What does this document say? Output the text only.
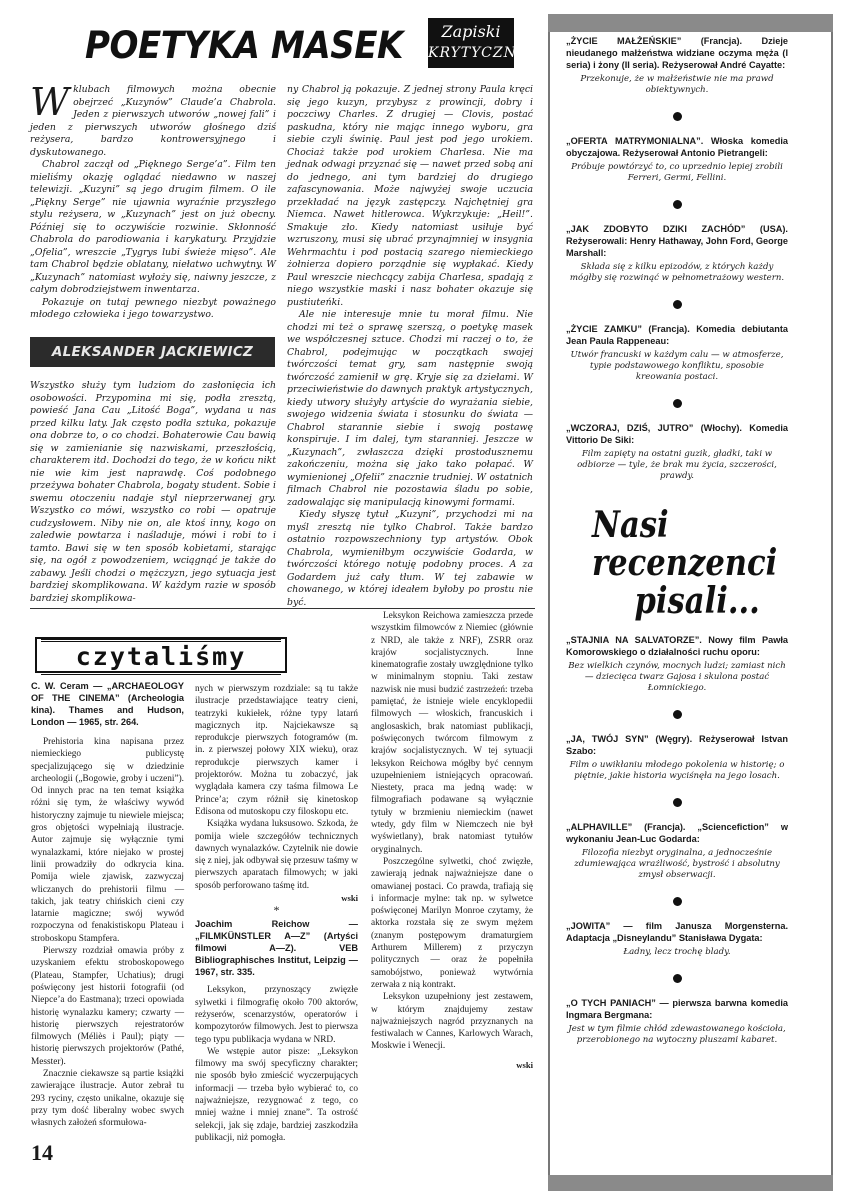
POETYKA MASEK	Zapiski
KRYTYCZNE

Wklubach filmowych można obecnie obejrzeć „Kuzynów” Claude’a Chabrola. Jeden z pierwszych utworów „nowej fali” i jeden z pierwszych utworów głośnego dziś reżysera, bardzo kontrowersyjnego i dyskutowanego.

Chabrol zaczął od „Pięknego Serge’a”. Film ten mieliśmy okazję oglądać niedawno w naszej telewizji. „Kuzyni” są jego drugim filmem. O ile „Piękny Serge” nie ujawnia wyraźnie przyszłego stylu reżysera, w „Kuzynach” jest on już obecny. Później się to oczywiście rozwinie. Skłonność Chabrola do parodiowania i karykatury. Przyjdzie „Ofelia”, wreszcie „Tygrys lubi świeże mięso”. Ale tam Chabrol będzie oblatany, niełatwo uchwytny. W „Kuzynach” natomiast wyłoży się, naiwny jeszcze, z całym dobrodziejstwem inwentarza.

Pokazuje on tutaj pewnego niezbyt poważnego młodego człowieka i jego towarzystwo.

ALEKSANDER JACKIEWICZ

Wszystko służy tym ludziom do zasłonięcia ich osobowości. Przypomina mi się, podła zresztą, powieść Jana Cau „Litość Boga”, wydana u nas przed kilku laty. Jak często podła sztuka, pokazuje ona dobrze to, o co chodzi. Bohaterowie Cau bawią się w zamienianie się nazwiskami, przeszłością, charakterem itd. Dochodzi do tego, że w końcu nikt nie wie kim jest naprawdę. Coś podobnego przeżywa bohater Chabrola, bogaty student. Sobie i swemu otoczeniu nadaje styl nieprzerwanej gry. Wszystko co mówi, wszystko co robi — opatruje cudzysłowem. Niby nie on, ale ktoś inny, kogo on zaledwie powtarza i naśladuje, mówi i robi to i tamto. Bawi się w ten sposób kobietami, starając się, na ogół z powodzeniem, wciągnąć je także do zabawy. Jeśli chodzi o mężczyzn, jego sytuacja jest bardziej skomplikowana. W każdym razie w sposób bardziej skomplikowa-

ny Chabrol ją pokazuje. Z jednej strony Paula kręci się jego kuzyn, przybysz z prowincji, dobry i poczciwy Charles. Z drugiej — Clovis, postać paskudna, który nie mając innego wyboru, gra siebie czyli świnię. Paul jest pod jego urokiem. Chociaż także pod urokiem Charlesa. Nie ma jednak odwagi przyznać się — nawet przed sobą ani do jednego, ani tym bardziej do drugiego zafascynowania. Może najwyżej swoje uczucia przekładać na język zastępczy. Najchętniej gra Niemca. Nawet hitlerowca. Wykrzykuje: „Heil!”. Smakuje zło. Kiedy natomiast usiłuje być wzruszony, musi się ubrać przynajmniej w insygnia Wehrmachtu i pod postacią szarego niemieckiego żołnierza dopiero porządnie się wypłakać. Kiedy Paul wreszcie niechcący zabija Charlesa, spadają z niego wszystkie maski i nasz bohater okazuje się pustiuteńki.

Ale nie interesuje mnie tu morał filmu. Nie chodzi mi też o sprawę szerszą, o poetykę masek we współczesnej sztuce. Chodzi mi raczej o to, że Chabrol, podejmując w początkach swojej twórczości temat gry, sam następnie swoją twórczość zamienił w grę. Kryje się za dziełami. W przeciwieństwie do dawnych praktyk artystycznych, kiedy utwory służyły artyście do wyrażania siebie, swojego widzenia świata i stosunku do świata — Chabrol starannie siebie i swoją postawę konspiruje. I im dalej, tym staranniej. Jeszcze w „Kuzynach”, zwłaszcza dzięki prostodusznemu zakończeniu, można się jako tako połapać. W wymienionej „Ofelii” znacznie trudniej. W ostatnich filmach Chabrol nie pozostawia śladu po sobie, zadowalając się manipulacją kinowymi formami.

Kiedy słyszę tytuł „Kuzyni”, przychodzi mi na myśl zresztą nie tylko Chabrol. Także bardzo ostatnio rozpowszechniony typ artystów. Obok Chabrola, wymieniłbym oczywiście Godarda, w twórczości którego notuję podobny proces. A za Godardem już cały tłum. W tej zabawie w chowanego, w której ideałem byłoby po prostu nie być.

czytaliśmy
C. W. Ceram — „ARCHAEOLOGY OF THE CINEMA” (Archeologia kina). Thames and Hudson, London — 1965, str. 264.

Prehistoria kina napisana przez niemieckiego publicystę specjalizującego się w dziedzinie archeologii („Bogowie, groby i uczeni”). Od innych prac na ten temat książka różni się tym, że właściwy wywód historyczny zajmuje tu niewiele miejsca; gros objętości wypełniają ilustracje. Autor zajmuje się wyłącznie tymi wynalazkami, które niejako w prostej linii prowadziły do odkrycia kina. Pomija wiele zjawisk, zazwyczaj wliczanych do prehistorii filmu — takich, jak teatry chińskich cieni czy latarnie magiczne; swój wywód rozpoczyna od fenakistiskopu Plateau i stroboskopu Stampfera.

Pierwszy rozdział omawia próby z uzyskaniem efektu stroboskopowego (Plateau, Stampfer, Uchatius); drugi poświęcony jest historii fotografii (od Niepce’a do Eastmana); trzeci opowiada historię wynalazku kamery; czwarty — historię pierwszych rejestratorów filmowych (Méliès i Paul); piąty — historię pierwszych projektorów (Pathé, Messter).

Znacznie ciekawsze są partie książki zawierające ilustracje. Autor zebrał tu 293 ryciny, często unikalne, okazuje się przy tym dość liberalny wobec swych własnych założeń sformułowa-

nych w pierwszym rozdziale: są tu także ilustracje przedstawiające teatry cieni, teatrzyki kukiełek, różne typy latarń magicznych itp. Najciekawsze są reprodukcje pierwszych fotogramów (m. in. z pierwszej połowy XIX wieku), oraz reprodukcje pierwszych kamer i projektorów. Można tu zobaczyć, jak wyglądała kamera czy taśma filmowa Le Prince’a; czym różnił się kinetoskop Edisona od mutoskopu czy filoskopu etc.

Książka wydana luksusowo. Szkoda, że pomija wiele szczegółów technicznych dawnych wynalazków. Czytelnik nie dowie się z niej, jak odbywał się przesuw taśmy w pierwszych aparatach filmowych; w jaki sposób perforowano taśmę itd.

wski
*
Joachim Reichow — „FILMKÜNSTLER A—Z” (Artyści filmowi A—Z). VEB Bibliographisches Institut, Leipzig — 1967, str. 335.

Leksykon, przynoszący zwięzłe sylwetki i filmografię około 700 aktorów, reżyserów, scenarzystów, operatorów i kompozytorów filmowych. Jest to pierwsza tego typu publikacja wydana w NRD.

We wstępie autor pisze: „Leksykon filmowy ma swój specyficzny charakter; nie sposób było zmieścić wyczerpujących informacji — trzeba było wybierać to, co najważniejsze, rezygnować z tego, co mniej ważne i mniej znane”. Ta ostrość selekcji, jak się zdaje, bardziej zaszkodziła publikacji, niż pomogła.

Leksykon Reichowa zamieszcza przede wszystkim filmowców z Niemiec (głównie z NRD, ale także z NRF), ZSRR oraz krajów socjalistycznych. Inne kinematografie zostały uwzględnione tylko w minimalnym stopniu. Taki zestaw nazwisk nie musi budzić zastrzeżeń: trzeba pamiętać, że istnieje wiele encyklopedii filmowych — włoskich, francuskich i anglosaskich, brak natomiast publikacji, poświęconych twórcom filmowym z krajów socjalistycznych. W tej sytuacji leksykon Reichowa mógłby być cennym uzupełnieniem istniejących opracowań. Niestety, praca ma jedną wadę: w filmografiach podawane są wyłącznie tytuły w brzmieniu niemieckim (nawet wtedy, gdy film w Niemczech nie był wyświetlany), brak natomiast tytułów oryginalnych.

Poszczególne sylwetki, choć zwięzłe, zawierają jednak najważniejsze dane o omawianej postaci. Co prawda, trafiają się i informacje mylne: tak np. w sylwetce poświęconej Marilyn Monroe czytamy, że aktorka rozstała się ze swym mężem (znanym postępowym dramaturgiem Arthurem Millerem) z przyczyn politycznych — oraz że popełniła samobójstwo, ponieważ wytwórnia zerwała z nią kontrakt.

Leksykon uzupełniony jest zestawem, w którym znajdujemy zestaw najważniejszych nagród przyznanych na festiwalach w Cannes, Karlowych Warach, Moskwie i Wenecji.

wski
14
„ŻYCIE MAŁŻEŃSKIE” (Francja). Dzieje nieudanego małżeństwa widziane oczyma męża (I seria) i żony (II seria). Reżyserował André Cayatte:
Przekonuje, że w małżeństwie nie ma prawd obiektywnych.
„OFERTA MATRYMONIALNA”. Włoska komedia obyczajowa. Reżyserował Antonio Pietrangeli:
Próbuje powtórzyć to, co uprzednio lepiej zrobili Ferreri, Germi, Fellini.
„JAK ZDOBYTO DZIKI ZACHÓD” (USA). Reżyserowali: Henry Hathaway, John Ford, George Marshall:
Składa się z kilku epizodów, z których każdy mógłby się rozwinąć w pełnometrażowy western.
„ŻYCIE ZAMKU” (Francja). Komedia debiutanta Jean Paula Rappeneau:
Utwór francuski w każdym calu — w atmosferze, typie podstawowego konfliktu, sposobie kreowania postaci.
„WCZORAJ, DZIŚ, JUTRO” (Włochy). Komedia Vittorio De Siki:
Film zapięty na ostatni guzik, gładki, taki w odbiorze — tyle, że brak mu życia, szczerości, prawdy.
Nasi
recenzenci
pisali...
„STAJNIA NA SALVATORZE”. Nowy film Pawła Komorowskiego o działalności ruchu oporu:
Bez wielkich czynów, mocnych ludzi; zamiast nich — dziecięca twarz Gajosa i skulona postać Łomnickiego.
„JA, TWÓJ SYN” (Węgry). Reżyserował Istvan Szabo:
Film o uwikłaniu młodego pokolenia w historię; o piętnie, jakie historia wyciśnęła na jego losach.
„ALPHAVILLE” (Francja). „Sciencefiction” w wykonaniu Jean-Luc Godarda:
Filozofia niezbyt oryginalna, a jednocześnie zdumiewająca wrażliwość, bystrość i absolutny zmysł obserwacji.
„JOWITA” — film Janusza Morgensterna. Adaptacja „Disneylandu” Stanisława Dygata:
Ładny, lecz trochę blady.
„O TYCH PANIACH” — pierwsza barwna komedia Ingmara Bergmana:
Jest w tym filmie chłód zdewastowanego kościoła, przerobionego na wytoczny pluszami kabaret.
